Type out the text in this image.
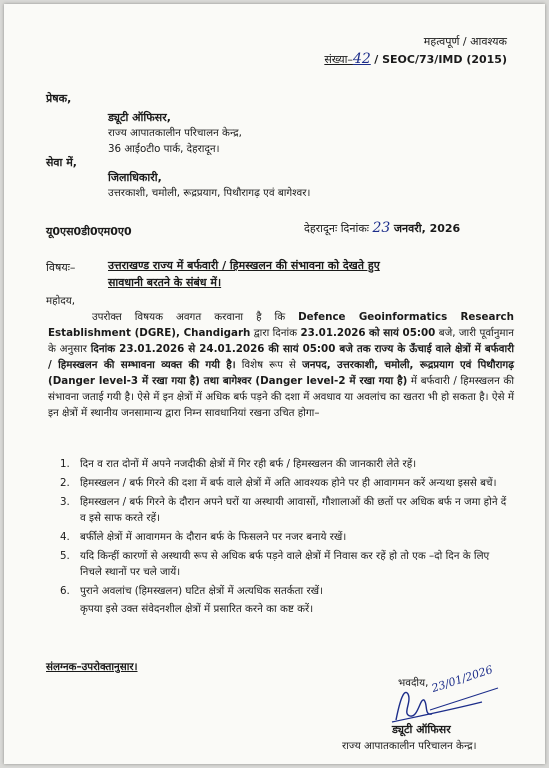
महत्वपूर्ण / आवश्यक
संख्या–42 / SEOC/73/IMD (2015)
प्रेषक,
ड्यूटी ऑफिसर,
राज्य आपातकालीन परिचालन केन्द्र,
36 आईoटीo पार्क, देहरादून।
सेवा में,
जिलाधिकारी,
उत्तरकाशी, चमोली, रूद्रप्रयाग, पिथौरागढ़ एवं बागेश्वर।
यू0एस0डी0एम0ए0	देहरादूनः दिनांकः 23 जनवरी, 2026
विषयः–	उत्तराखण्ड राज्य में बर्फवारी / हिमस्खलन की संभावना को देखते हुए
सावधानी बरतने के संबंध में।
महोदय,
उपरोक्त विषयक अवगत करवाना है कि Defence Geoinformatics Research Establishment (DGRE), Chandigarh द्वारा दिनांक 23.01.2026 को सायं 05:00 बजे, जारी पूर्वानुमान के अनुसार दिनांक 23.01.2026 से 24.01.2026 की सायं 05:00 बजे तक राज्य के ऊँचाई वाले क्षेत्रों में बर्फवारी / हिमस्खलन की सम्भावना व्यक्त की गयी है। विशेष रूप से जनपद, उत्तरकाशी, चमोली, रूद्रप्रयाग एवं पिथौरागढ़ (Danger level-3 में रखा गया है) तथा बागेश्वर (Danger level-2 में रखा गया है) में बर्फवारी / हिमस्खलन की संभावना जताई गयी है। ऐसे में इन क्षेत्रों में अधिक बर्फ पड़ने की दशा में अवधाव या अवलांच का खतरा भी हो सकता है। ऐसे में इन क्षेत्रों में स्थानीय जनसामान्य द्वारा निम्न सावधानियां रखना उचित होगा–
1. दिन व रात दोनों में अपने नजदीकी क्षेत्रों में गिर रही बर्फ / हिमस्खलन की जानकारी लेते रहें।
2. हिमस्खलन / बर्फ गिरने की दशा में बर्फ वाले क्षेत्रों में अति आवश्यक होने पर ही आवागमन करें अन्यथा इससे बचें।
3. हिमस्खलन / बर्फ गिरने के दौरान अपने घरों या अस्थायी आवासों, गौशालाओं की छतों पर अधिक बर्फ न जमा होने दें व इसे साफ करते रहें।
4. बर्फीले क्षेत्रों में आवागमन के दौरान बर्फ के फिसलने पर नजर बनाये रखें।
5. यदि किन्हीं कारणों से अस्थायी रूप से अधिक बर्फ पड़ने वाले क्षेत्रों में निवास कर रहें हो तो एक –दो दिन के लिए निचले स्थानों पर चले जायें।
6. पुराने अवलांच (हिमस्खलन) घटित क्षेत्रों में अत्यधिक सतर्कता रखें।
कृपया इसे उक्त संवेदनशील क्षेत्रों में प्रसारित करने का कष्ट करें।
संलग्नक–उपरोक्तानुसार।
भवदीय, 23/01/2026
ड्यूटी ऑफिसर
राज्य आपातकालीन परिचालन केन्द्र।
